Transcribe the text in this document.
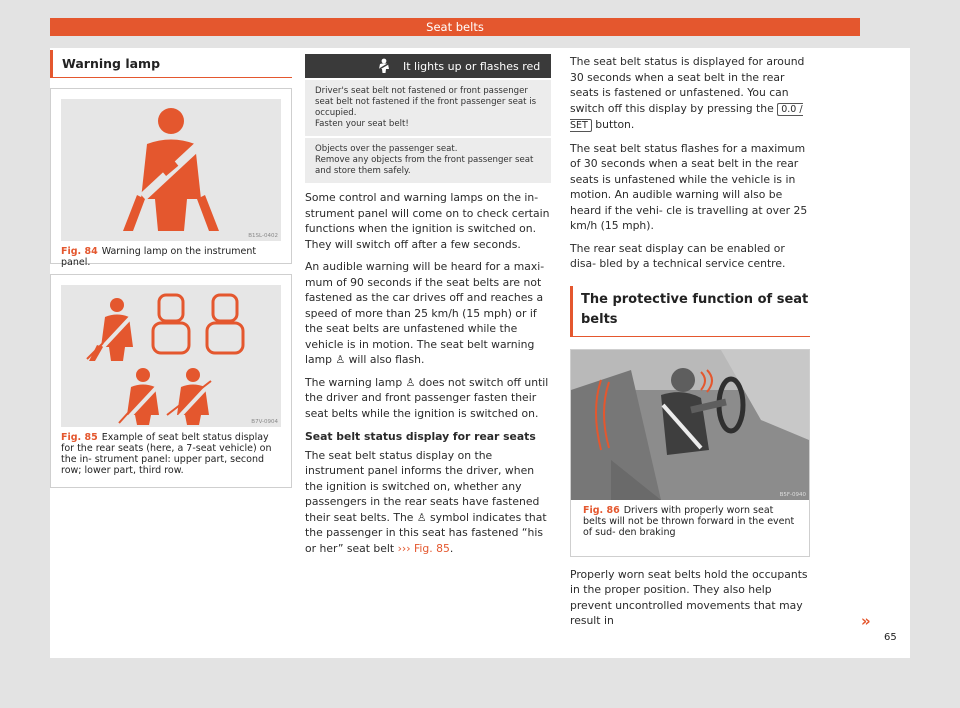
Seat belts
Warning lamp
B1SL-0402
Fig. 84 Warning lamp on the instrument panel.
B7V-0904
Fig. 85 Example of seat belt status display for the rear seats (here, a 7-seat vehicle) on the in- strument panel: upper part, second row; lower part, third row.
It lights up or flashes red
Driver's seat belt not fastened or front passenger seat belt not fastened if the front passenger seat is occupied.
Fasten your seat belt!
Objects over the passenger seat.
Remove any objects from the front passenger seat and store them safely.

Some control and warning lamps on the in- strument panel will come on to check certain functions when the ignition is switched on. They will switch off after a few seconds.

An audible warning will be heard for a maxi- mum of 90 seconds if the seat belts are not fastened as the car drives off and reaches a speed of more than 25 km/h (15 mph) or if the seat belts are unfastened while the vehicle is in motion. The seat belt warning lamp ♙ will also flash.

The warning lamp ♙ does not switch off until the driver and front passenger fasten their seat belts while the ignition is switched on.

Seat belt status display for rear seats

The seat belt status display on the instrument panel informs the driver, when the ignition is switched on, whether any passengers in the rear seats have fastened their seat belts. The ♙ symbol indicates that the passenger in this seat has fastened “his or her” seat belt ››› Fig. 85.

The seat belt status is displayed for around 30 seconds when a seat belt in the rear seats is fastened or unfastened. You can switch off this display by pressing the 0.0 / SET button.

The seat belt status flashes for a maximum of 30 seconds when a seat belt in the rear seats is unfastened while the vehicle is in motion. An audible warning will also be heard if the vehi- cle is travelling at over 25 km/h (15 mph).

The rear seat display can be enabled or disa- bled by a technical service centre.

The protective function of seat belts
B5F-0940
Fig. 86 Drivers with properly worn seat belts will not be thrown forward in the event of sud- den braking

Properly worn seat belts hold the occupants in the proper position. They also help prevent uncontrolled movements that may result in	»
65
